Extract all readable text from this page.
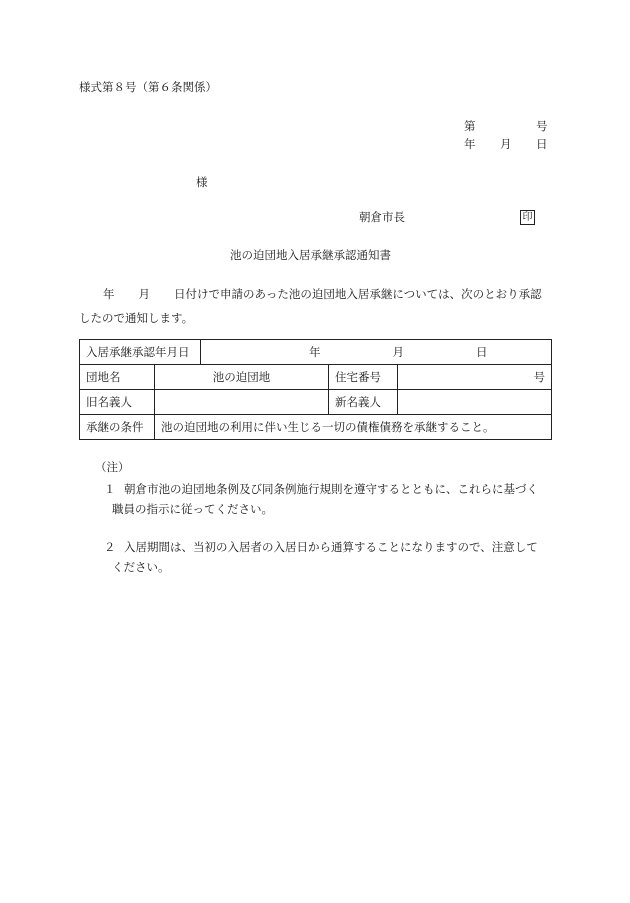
様式第８号（第６条関係）
第	号
年 月 日
様
朝倉市長	印
池の迫団地入居承継承認通知書
年 月 日付けで申請のあった池の迫団地入居承継については、次のとおり承認
したので通知します。
入居承継承認年月日		年 月 日		
団地名	池の迫団地		住宅番号	号
旧名義人			新名義人	
承継の条件	池の迫団地の利用に伴い生じる一切の債権債務を承継すること。			
（注）
１ 朝倉市池の迫団地条例及び同条例施行規則を遵守するとともに、これらに基づく
職員の指示に従ってください。
２ 入居期間は、当初の入居者の入居日から通算することになりますので、注意して
ください。
